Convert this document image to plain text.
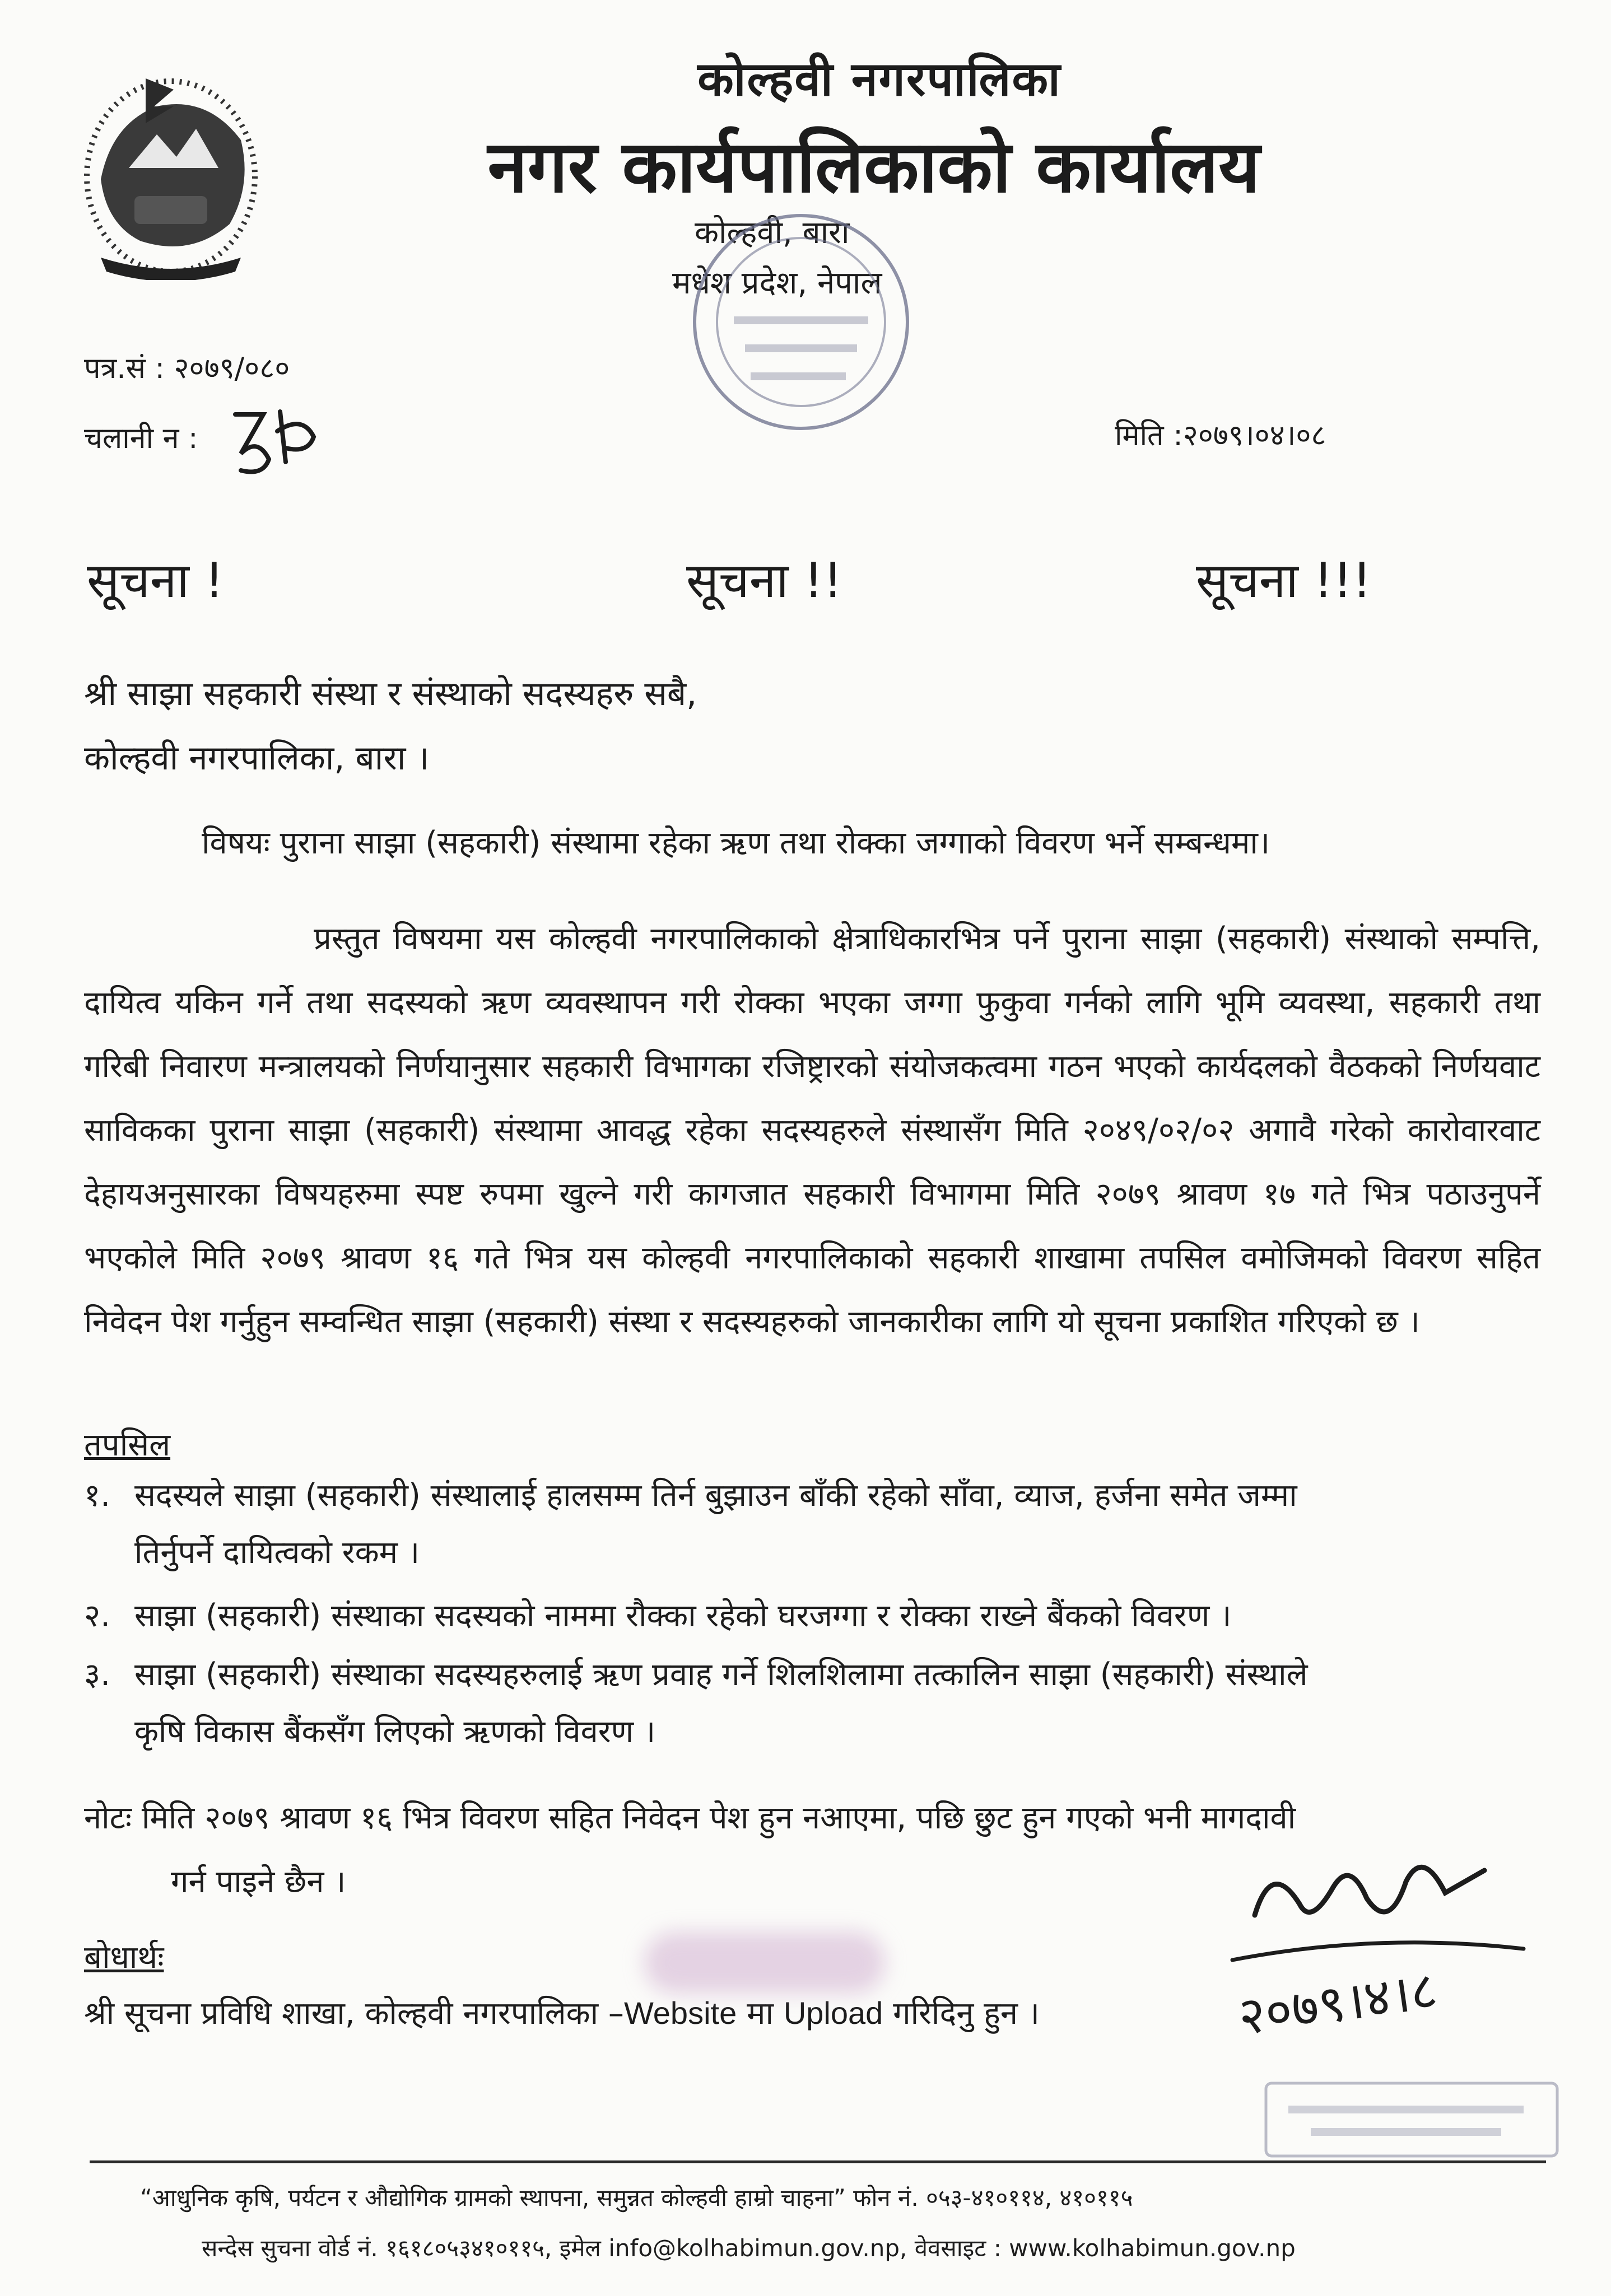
कोल्हवी नगरपालिका
नगर कार्यपालिकाको कार्यालय
कोल्हवी, बारा
मधेश प्रदेश, नेपाल
पत्र.सं : २०७९/०८०
चलानी न :	मिति :२०७९।०४।०८
सूचना !	सूचना !!	सूचना !!!
श्री साझा सहकारी संस्था र संस्थाको सदस्यहरु सबै,
कोल्हवी नगरपालिका, बारा ।
विषयः पुराना साझा (सहकारी) संस्थामा रहेका ऋण तथा रोक्का जग्गाको विवरण भर्ने सम्बन्धमा।
प्रस्तुत विषयमा यस कोल्हवी नगरपालिकाको क्षेत्राधिकारभित्र पर्ने पुराना साझा (सहकारी) संस्थाको सम्पत्ति, दायित्व यकिन गर्ने तथा सदस्यको ऋण व्यवस्थापन गरी रोक्का भएका जग्गा फुकुवा गर्नको लागि भूमि व्यवस्था, सहकारी तथा गरिबी निवारण मन्त्रालयको निर्णयानुसार सहकारी विभागका रजिष्ट्रारको संयोजकत्वमा गठन भएको कार्यदलको वैठकको निर्णयवाट साविकका पुराना साझा (सहकारी) संस्थामा आवद्ध रहेका सदस्यहरुले संस्थासँग मिति २०४९/०२/०२ अगावै गरेको कारोवारवाट देहायअनुसारका विषयहरुमा स्पष्ट रुपमा खुल्ने गरी कागजात सहकारी विभागमा मिति २०७९ श्रावण १७ गते भित्र पठाउनुपर्ने भएकोले मिति २०७९ श्रावण १६ गते भित्र यस कोल्हवी नगरपालिकाको सहकारी शाखामा तपसिल वमोजिमको विवरण सहित निवेदन पेश गर्नुहुन सम्वन्धित साझा (सहकारी) संस्था र सदस्यहरुको जानकारीका लागि यो सूचना प्रकाशित गरिएको छ ।
तपसिल
१. सदस्यले साझा (सहकारी) संस्थालाई हालसम्म तिर्न बुझाउन बाँकी रहेको साँवा, व्याज, हर्जना समेत जम्मा
तिर्नुपर्ने दायित्वको रकम ।
२. साझा (सहकारी) संस्थाका सदस्यको नाममा रौक्का रहेको घरजग्गा र रोक्का राख्ने बैंकको विवरण ।
३. साझा (सहकारी) संस्थाका सदस्यहरुलाई ऋण प्रवाह गर्ने शिलशिलामा तत्कालिन साझा (सहकारी) संस्थाले
कृषि विकास बैंकसँग लिएको ऋणको विवरण ।
नोटः मिति २०७९ श्रावण १६ भित्र विवरण सहित निवेदन पेश हुन नआएमा, पछि छुट हुन गएको भनी मागदावी
गर्न पाइने छैन ।
बोधार्थः
श्री सूचना प्रविधि शाखा, कोल्हवी नगरपालिका –Website मा Upload गरिदिनु हुन ।	२०७९।४।८
“आधुनिक कृषि, पर्यटन र औद्योगिक ग्रामको स्थापना, समुन्नत कोल्हवी हाम्रो चाहना” फोन नं. ०५३-४१०११४, ४१०११५
सन्देस सुचना वोर्ड नं. १६१८०५३४१०११५, इमेल info@kolhabimun.gov.np, वेवसाइट : www.kolhabimun.gov.np
